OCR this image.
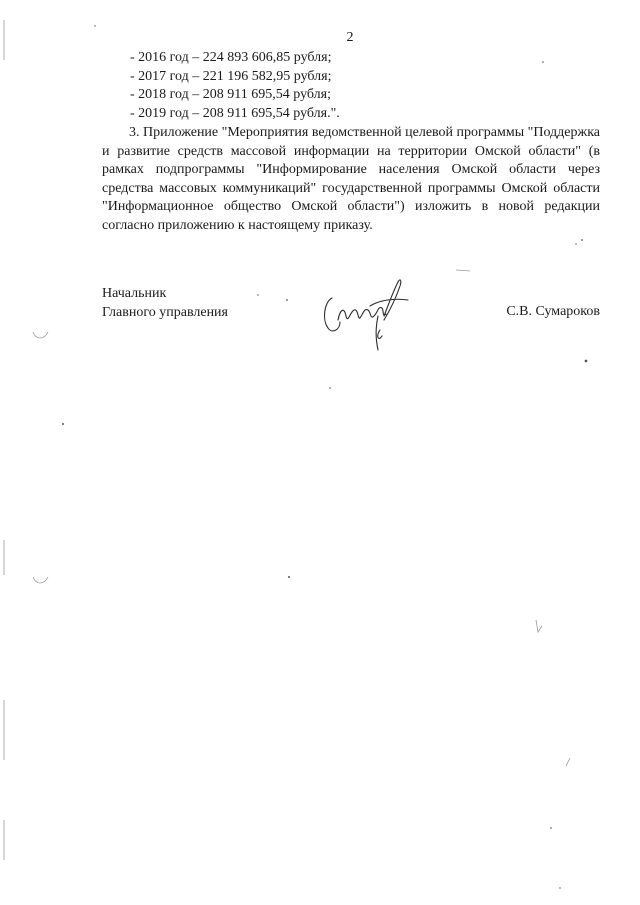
2
- 2016 год – 224 893 606,85 рубля;
- 2017 год – 221 196 582,95 рубля;
- 2018 год – 208 911 695,54 рубля;
- 2019 год – 208 911 695,54 рубля.".

3. Приложение "Мероприятия ведомственной целевой программы "Поддержка и развитие средств массовой информации на территории Омской области" (в рамках подпрограммы "Информирование населения Омской области через средства массовых коммуникаций" государственной программы Омской области "Информационное общество Омской области") изложить в новой редакции согласно приложению к настоящему приказу.

Начальник
Главного управления	С.В. Сумароков
